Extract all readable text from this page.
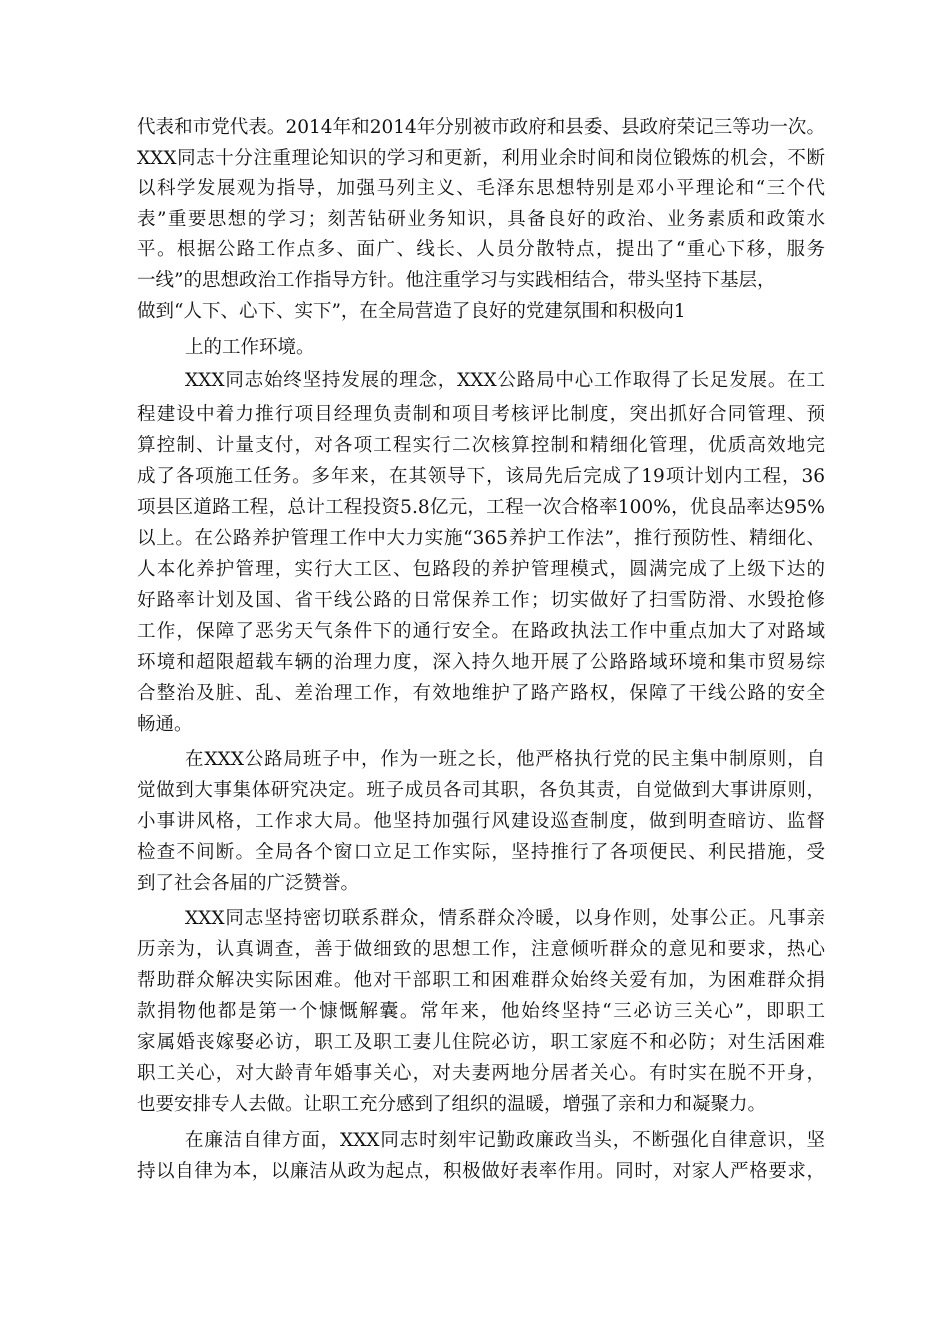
代表和市党代表。2014年和2014年分别被市政府和县委、县政府荣记三等功一次。
XXX同志十分注重理论知识的学习和更新，利用业余时间和岗位锻炼的机会，不断
以科学发展观为指导，加强马列主义、毛泽东思想特别是邓小平理论和“三个代
表”重要思想的学习；刻苦钻研业务知识，具备良好的政治、业务素质和政策水
平。根据公路工作点多、面广、线长、人员分散特点，提出了“重心下移，服务
一线”的思想政治工作指导方针。他注重学习与实践相结合，带头坚持下基层，
做到“人下、心下、实下”，在全局营造了良好的党建氛围和积极向1
上的工作环境。
XXX同志始终坚持发展的理念，XXX公路局中心工作取得了长足发展。在工
程建设中着力推行项目经理负责制和项目考核评比制度，突出抓好合同管理、预
算控制、计量支付，对各项工程实行二次核算控制和精细化管理，优质高效地完
成了各项施工任务。多年来，在其领导下，该局先后完成了19项计划内工程，36
项县区道路工程，总计工程投资5.8亿元，工程一次合格率100%，优良品率达95%
以上。在公路养护管理工作中大力实施“365养护工作法”，推行预防性、精细化、
人本化养护管理，实行大工区、包路段的养护管理模式，圆满完成了上级下达的
好路率计划及国、省干线公路的日常保养工作；切实做好了扫雪防滑、水毁抢修
工作，保障了恶劣天气条件下的通行安全。在路政执法工作中重点加大了对路域
环境和超限超载车辆的治理力度，深入持久地开展了公路路域环境和集市贸易综
合整治及脏、乱、差治理工作，有效地维护了路产路权，保障了干线公路的安全
畅通。
在XXX公路局班子中，作为一班之长，他严格执行党的民主集中制原则，自
觉做到大事集体研究决定。班子成员各司其职，各负其责，自觉做到大事讲原则，
小事讲风格，工作求大局。他坚持加强行风建设巡查制度，做到明查暗访、监督
检查不间断。全局各个窗口立足工作实际，坚持推行了各项便民、利民措施，受
到了社会各届的广泛赞誉。
XXX同志坚持密切联系群众，情系群众冷暖，以身作则，处事公正。凡事亲
历亲为，认真调查，善于做细致的思想工作，注意倾听群众的意见和要求，热心
帮助群众解决实际困难。他对干部职工和困难群众始终关爱有加，为困难群众捐
款捐物他都是第一个慷慨解囊。常年来，他始终坚持“三必访三关心”，即职工
家属婚丧嫁娶必访，职工及职工妻儿住院必访，职工家庭不和必防；对生活困难
职工关心，对大龄青年婚事关心，对夫妻两地分居者关心。有时实在脱不开身，
也要安排专人去做。让职工充分感到了组织的温暖，增强了亲和力和凝聚力。
在廉洁自律方面，XXX同志时刻牢记勤政廉政当头，不断强化自律意识，坚
持以自律为本，以廉洁从政为起点，积极做好表率作用。同时，对家人严格要求，
